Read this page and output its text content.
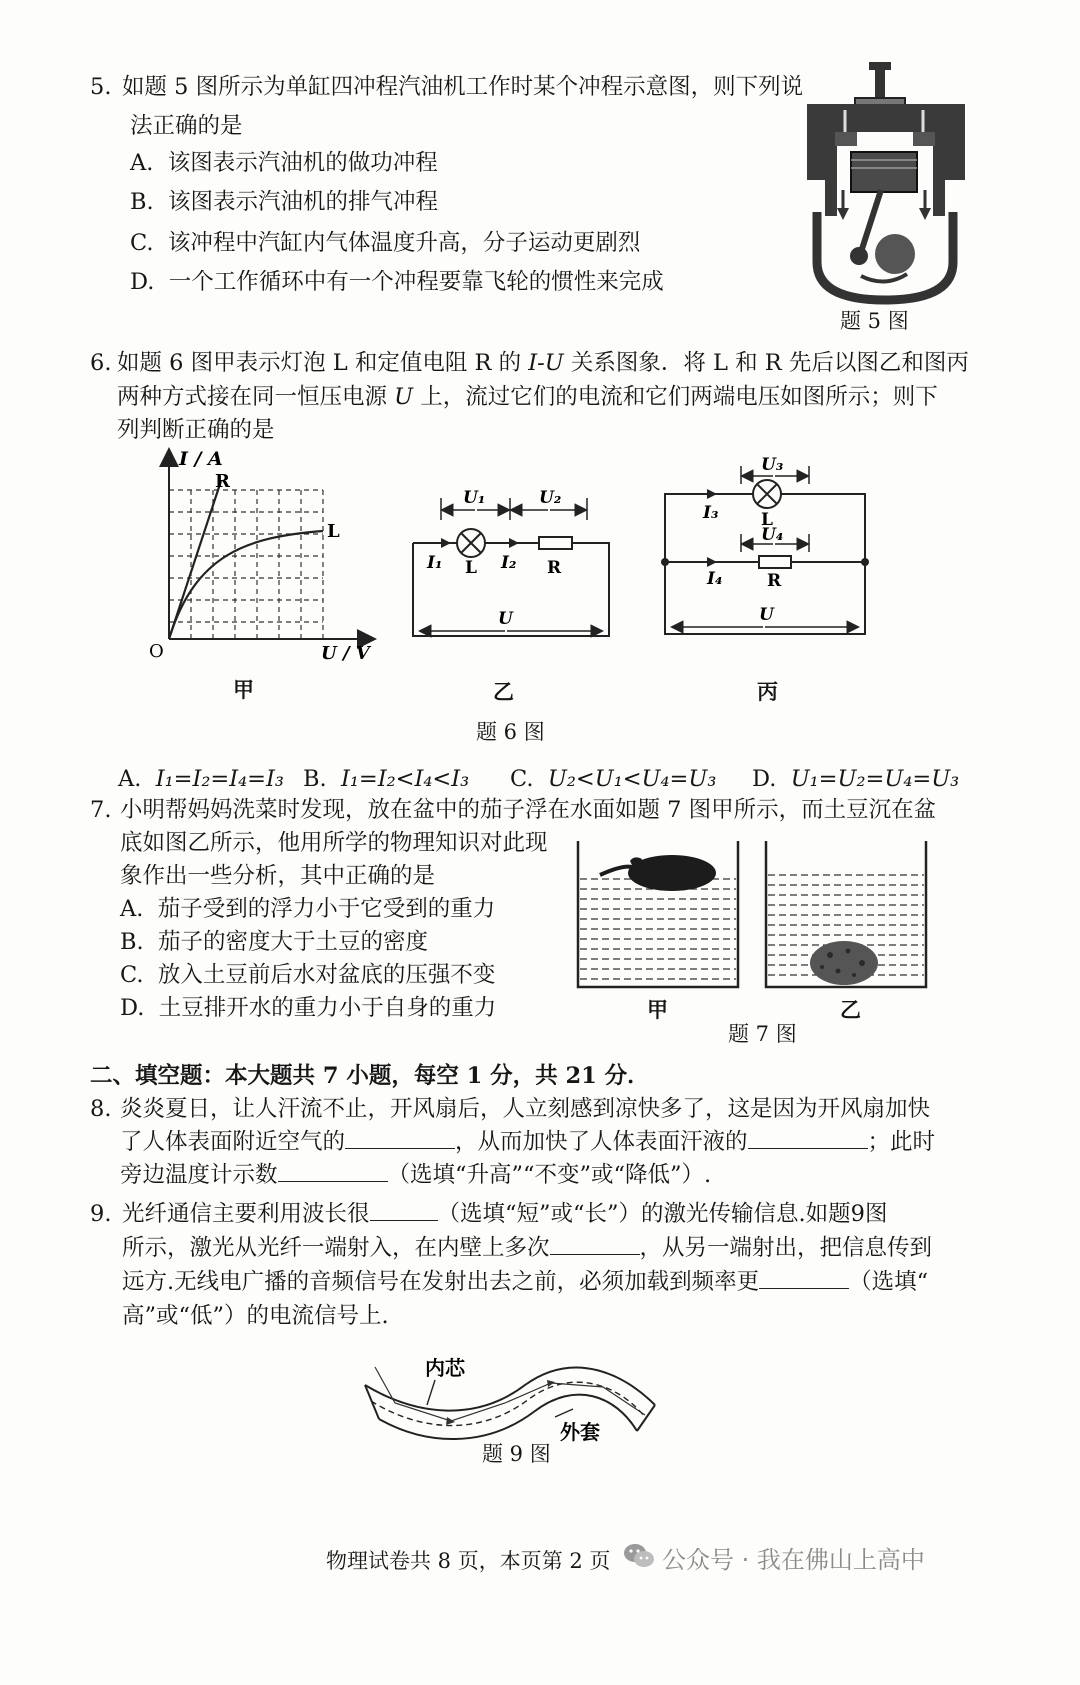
5. 如题 5 图所示为单缸四冲程汽油机工作时某个冲程示意图，则下列说
法正确的是
A. 该图表示汽油机的做功冲程
B. 该图表示汽油机的排气冲程
C. 该冲程中汽缸内气体温度升高，分子运动更剧烈
D. 一个工作循环中有一个冲程要靠飞轮的惯性来完成
题 5 图
6. 如题 6 图甲表示灯泡 L 和定值电阻 R 的 I-U 关系图象．将 L 和 R 先后以图乙和图丙
两种方式接在同一恒压电源 U 上，流过它们的电流和它们两端电压如图所示；则下
列判断正确的是
I / A
R
L
O	U / V
甲
U₁	U₂
I₁	I₂
L	R
U
乙
U₃
U₄
I₃
I₄
L
R
U
丙
题 6 图
A. I₁=I₂=I₄=I₃ B. I₁=I₂<I₄<I₃ C. U₂<U₁<U₄=U₃ D. U₁=U₂=U₄=U₃
7. 小明帮妈妈洗菜时发现，放在盆中的茄子浮在水面如题 7 图甲所示，而土豆沉在盆
底如图乙所示，他用所学的物理知识对此现
象作出一些分析，其中正确的是
A. 茄子受到的浮力小于它受到的重力
B. 茄子的密度大于土豆的密度
C. 放入土豆前后水对盆底的压强不变
D. 土豆排开水的重力小于自身的重力	甲	乙
题 7 图
二、填空题：本大题共 7 小题，每空 1 分，共 21 分．
8. 炎炎夏日，让人汗流不止，开风扇后，人立刻感到凉快多了，这是因为开风扇加快
了人体表面附近空气的	，从而加快了人体表面汗液的	；此时
旁边温度计示数	（选填“升高”“不变”或“降低”）.
9. 光纤通信主要利用波长很	（选填“短”或“长”）的激光传输信息.如题9图
所示，激光从光纤一端射入，在内壁上多次	，从另一端射出，把信息传到
远方.无线电广播的音频信号在发射出去之前，必须加载到频率更	（选填“
高”或“低”）的电流信号上.
内芯
外套
题 9 图
物理试卷共 8 页，本页第 2 页 公众号 · 我在佛山上高中
